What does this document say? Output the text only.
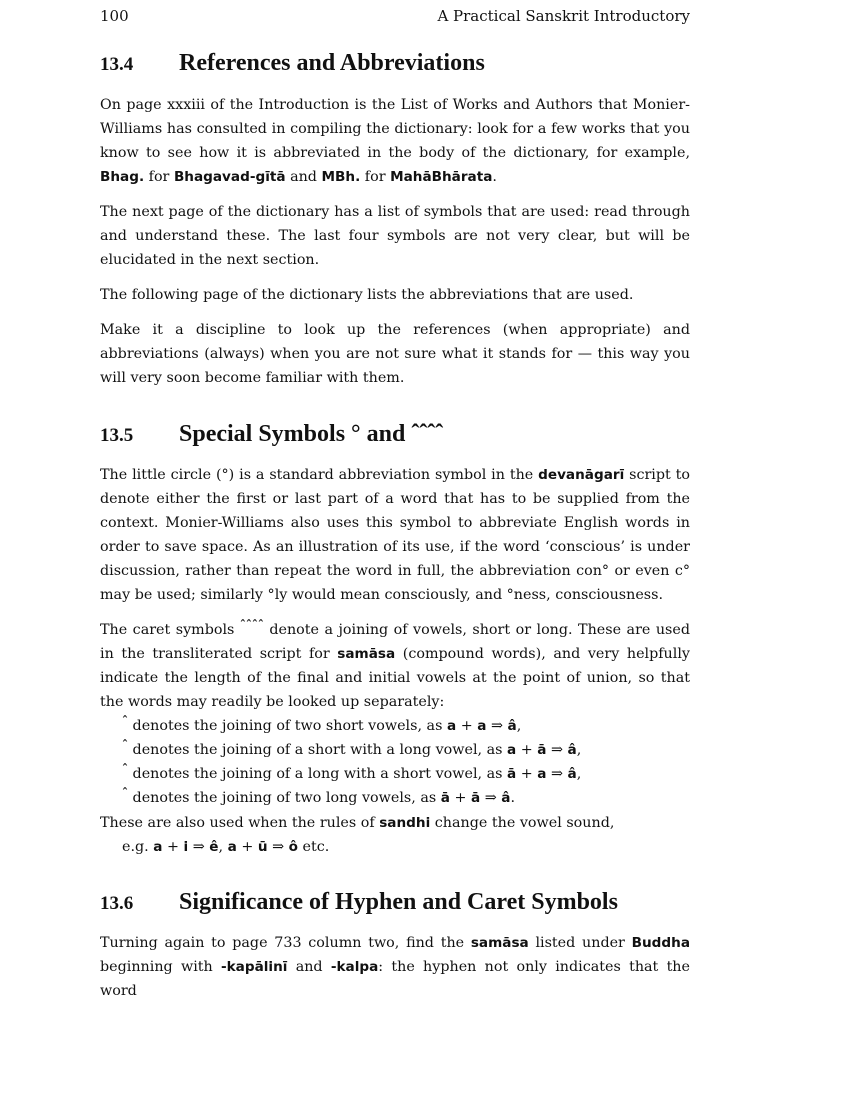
100	A Practical Sanskrit Introductory
13.4 References and Abbreviations

On page xxxiii of the Introduction is the List of Works and Authors that Monier-Williams has consulted in compiling the dictionary: look for a few works that you know to see how it is abbreviated in the body of the dictionary, for example, Bhag. for Bhagavad-gītā and MBh. for MahāBhārata.

The next page of the dictionary has a list of symbols that are used: read through and understand these. The last four symbols are not very clear, but will be elucidated in the next section.

The following page of the dictionary lists the abbreviations that are used.

Make it a discipline to look up the references (when appropriate) and abbreviations (always) when you are not sure what it stands for — this way you will very soon become familiar with them.

13.5 Special Symbols ° and ˆˆˆˆ

The little circle (°) is a standard abbreviation symbol in the devanāgarī script to denote either the first or last part of a word that has to be supplied from the context. Monier-Williams also uses this symbol to abbreviate English words in order to save space. As an illustration of its use, if the word ‘conscious’ is under discussion, rather than repeat the word in full, the abbreviation con° or even c° may be used; similarly °ly would mean consciously, and °ness, consciousness.

The caret symbols $^{ˆˆˆˆ}$ denote a joining of vowels, short or long. These are used in the transliterated script for samāsa (compound words), and very helpfully indicate the length of the final and initial vowels at the point of union, so that the words may readily be looked up separately:

$^ˆ$ denotes the joining of two short vowels, as a + a ⇒ â,

$^ˆ$ denotes the joining of a short with a long vowel, as a + ā ⇒ â,

$^ˆ$ denotes the joining of a long with a short vowel, as ā + a ⇒ â,

$^ˆ$ denotes the joining of two long vowels, as ā + ā ⇒ â.

These are also used when the rules of sandhi change the vowel sound,

e.g. a + i ⇒ ê, a + ū ⇒ ô etc.

13.6 Significance of Hyphen and Caret Symbols

Turning again to page 733 column two, find the samāsa listed under Buddha beginning with -kapālinī and -kalpa: the hyphen not only indicates that the word
